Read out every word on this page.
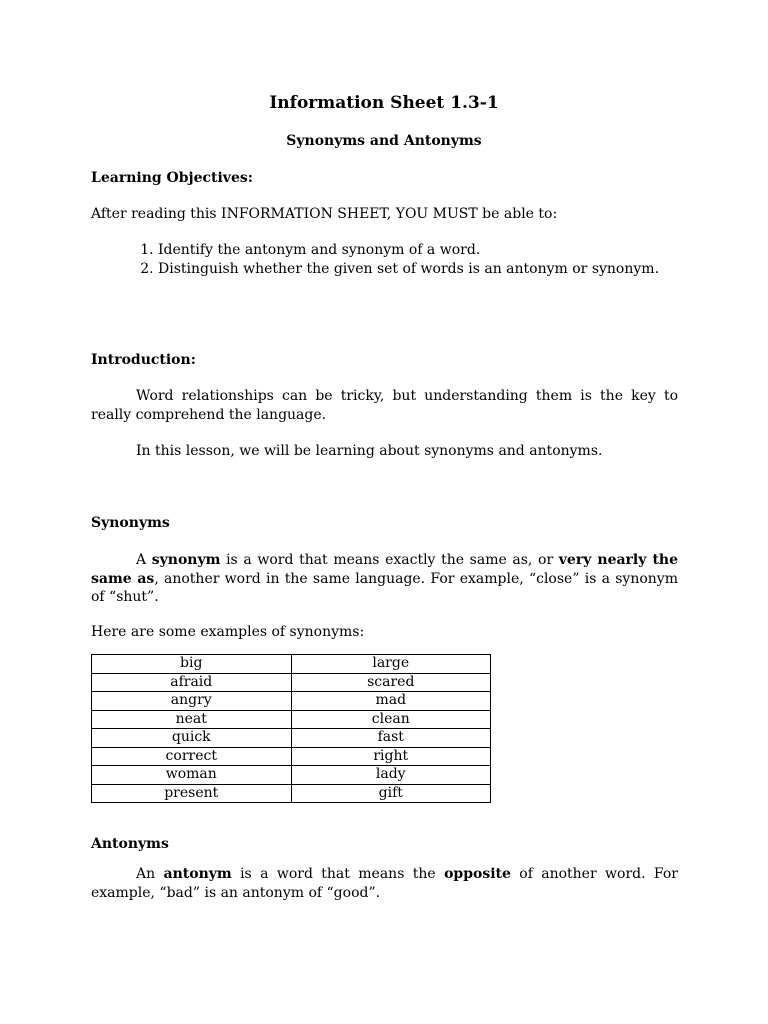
Information Sheet 1.3-1
Synonyms and Antonyms
Learning Objectives:
After reading this INFORMATION SHEET, YOU MUST be able to:
1. Identify the antonym and synonym of a word.
2. Distinguish whether the given set of words is an antonym or synonym.
Introduction:
Word relationships can be tricky, but understanding them is the key to really comprehend the language.
In this lesson, we will be learning about synonyms and antonyms.
Synonyms
A synonym is a word that means exactly the same as, or very nearly the same as, another word in the same language. For example, “close” is a synonym of “shut”.
Here are some examples of synonyms:
big	large
afraid	scared
angry	mad
neat	clean
quick	fast
correct	right
woman	lady
present	gift
Antonyms
An antonym is a word that means the opposite of another word. For example, “bad” is an antonym of “good”.
